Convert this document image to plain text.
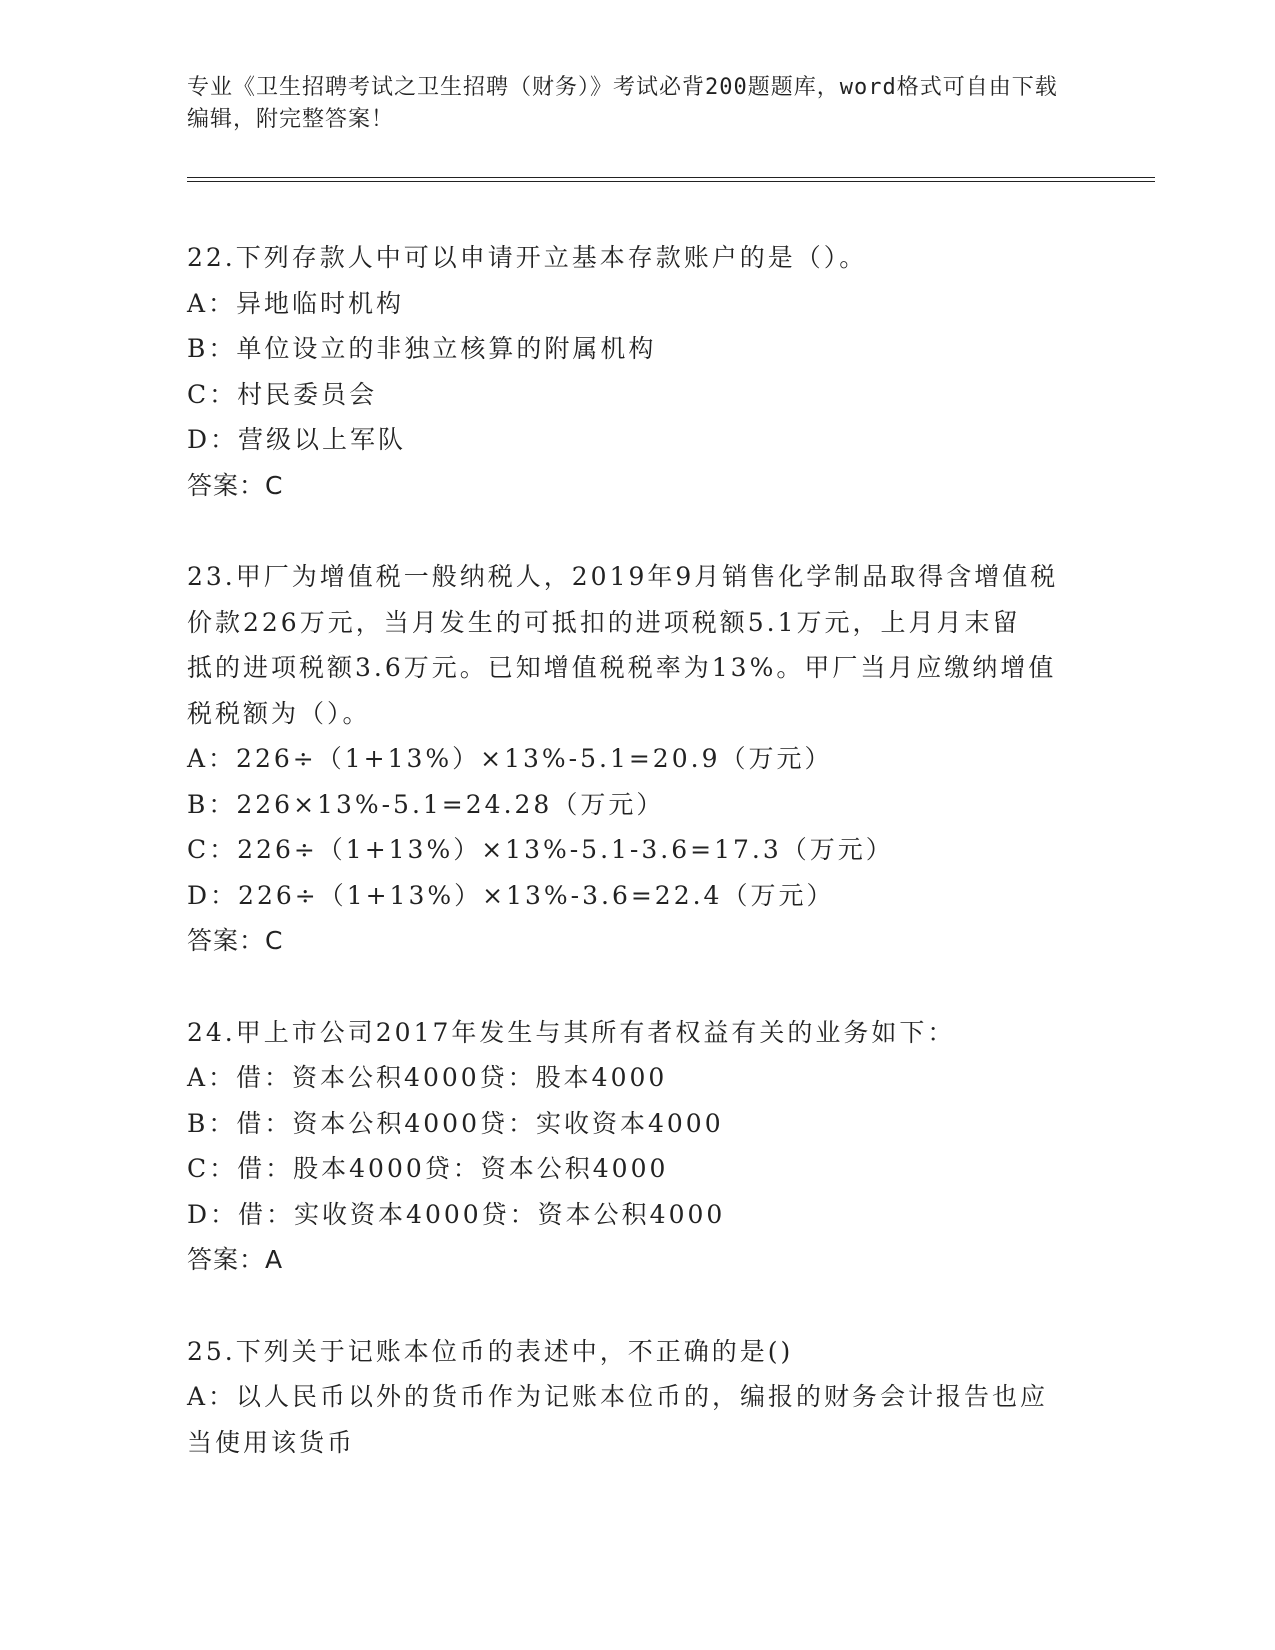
专业《卫生招聘考试之卫生招聘（财务）》考试必背200题题库，word格式可自由下载编辑，附完整答案！
22.下列存款人中可以申请开立基本存款账户的是（）。
A：异地临时机构
B：单位设立的非独立核算的附属机构
C：村民委员会
D：营级以上军队
答案：C
23.甲厂为增值税一般纳税人，2019年9月销售化学制品取得含增值税
价款226万元，当月发生的可抵扣的进项税额5.1万元，上月月末留
抵的进项税额3.6万元。已知增值税税率为13%。甲厂当月应缴纳增值
税税额为（）。
A：226÷（1+13%）×13%-5.1=20.9（万元）
B：226×13%-5.1=24.28（万元）
C：226÷（1+13%）×13%-5.1-3.6=17.3（万元）
D：226÷（1+13%）×13%-3.6=22.4（万元）
答案：C
24.甲上市公司2017年发生与其所有者权益有关的业务如下：
A：借：资本公积4000贷：股本4000
B：借：资本公积4000贷：实收资本4000
C：借：股本4000贷：资本公积4000
D：借：实收资本4000贷：资本公积4000
答案：A
25.下列关于记账本位币的表述中，不正确的是()
A：以人民币以外的货币作为记账本位币的，编报的财务会计报告也应
当使用该货币
